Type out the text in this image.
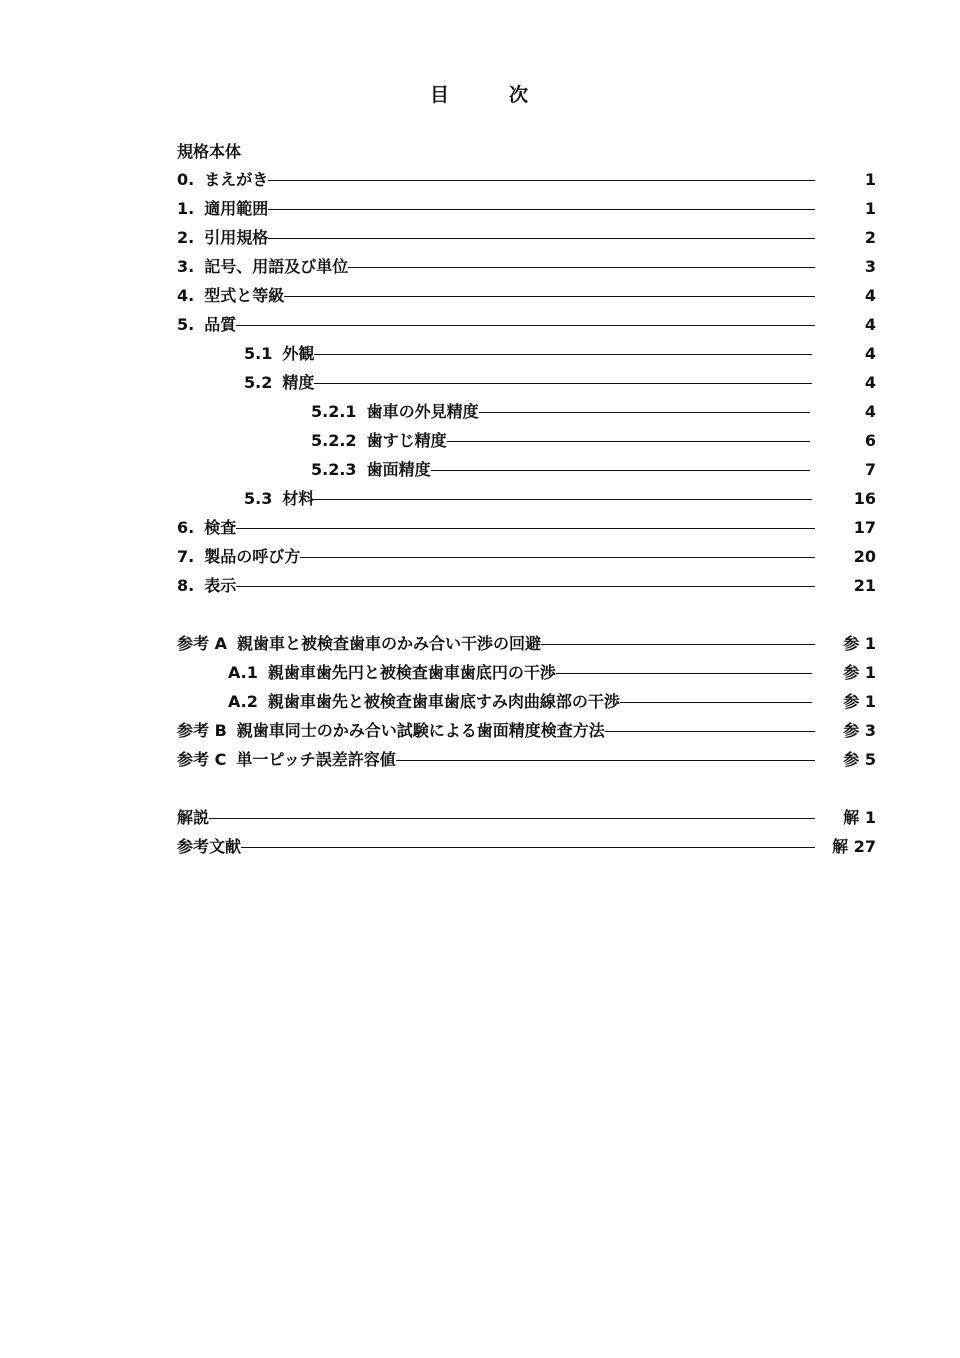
目	次
規格本体
0. まえがき	1
1. 適用範囲	1
2. 引用規格	2
3. 記号、用語及び単位	3
4. 型式と等級	4
5. 品質	4
5.1 外観	4
5.2 精度	4
5.2.1 歯車の外見精度	4
5.2.2 歯すじ精度	6
5.2.3 歯面精度	7
5.3 材料	16
6. 検査	17
7. 製品の呼び方	20
8. 表示	21
参考 A 親歯車と被検査歯車のかみ合い干渉の回避	参 1
A.1 親歯車歯先円と被検査歯車歯底円の干渉	参 1
A.2 親歯車歯先と被検査歯車歯底すみ肉曲線部の干渉	参 1
参考 B 親歯車同士のかみ合い試験による歯面精度検査方法	参 3
参考 C 単一ピッチ誤差許容値	参 5
解説	解 1
参考文献	解 27
